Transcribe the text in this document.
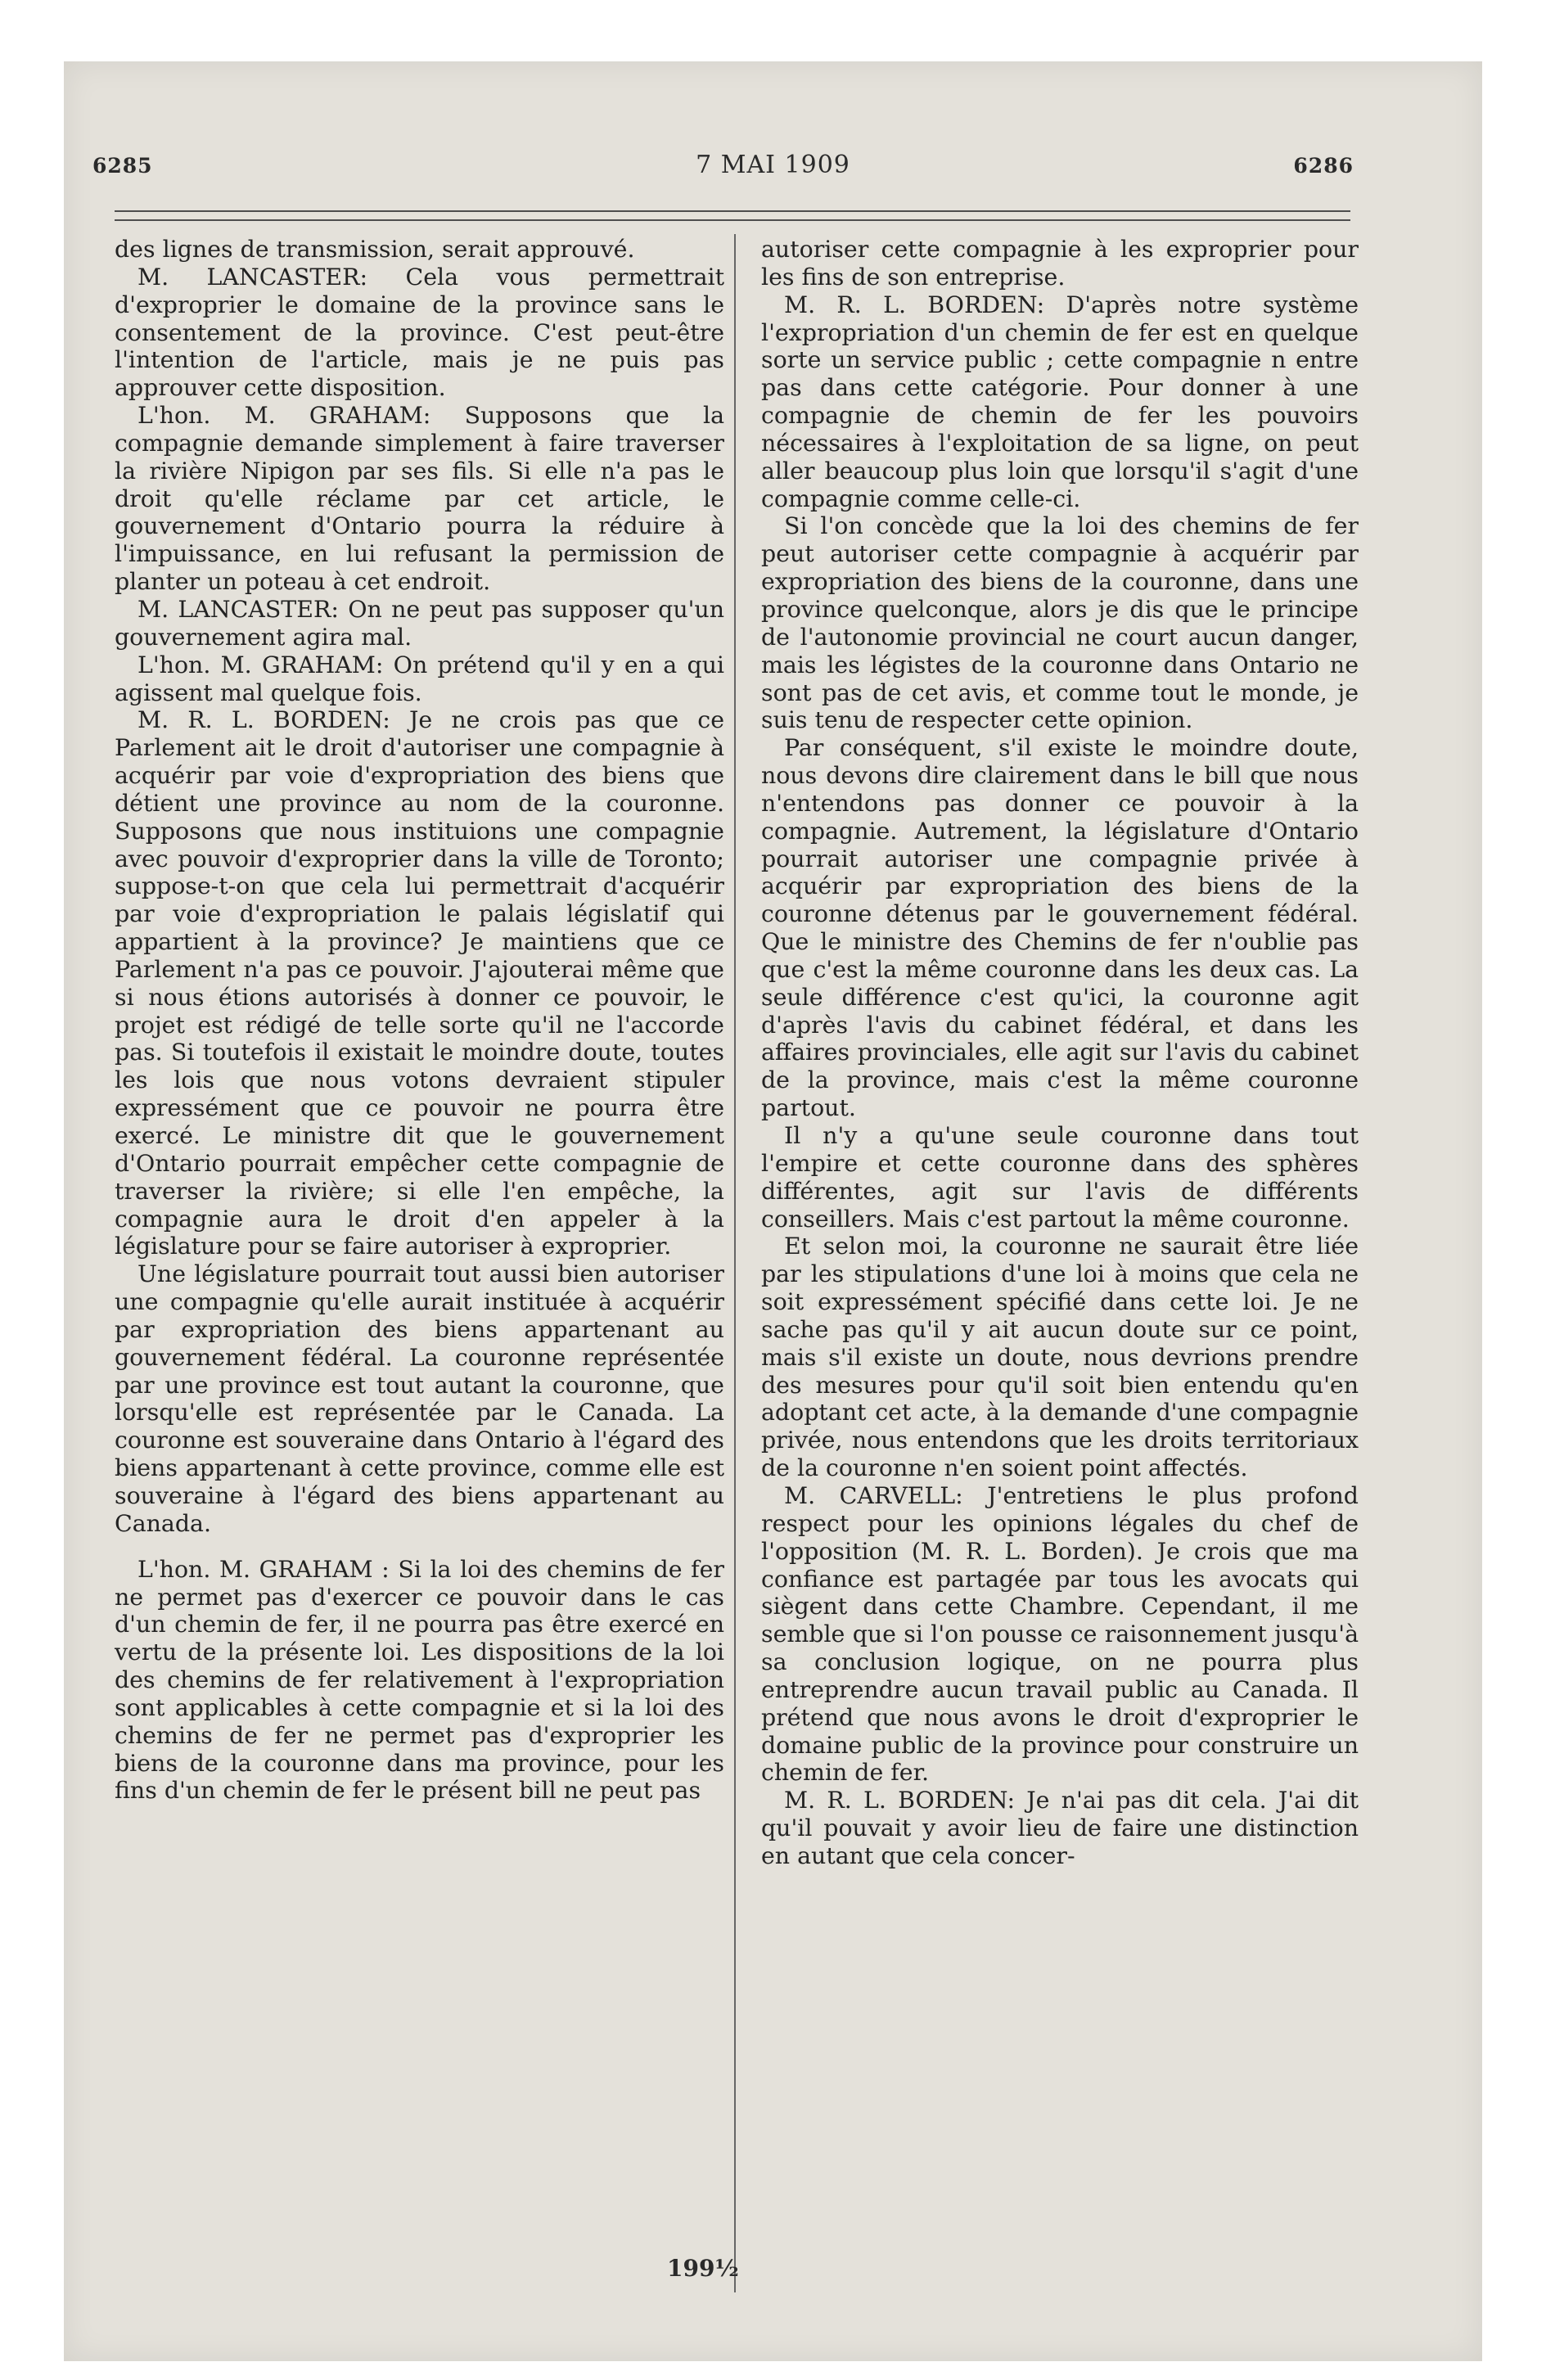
6285	7 MAI 1909	6286

des lignes de transmission, serait approuvé.

M. LANCASTER: Cela vous permettrait d'exproprier le domaine de la province sans le consentement de la province. C'est peut-être l'intention de l'article, mais je ne puis pas approuver cette disposition.

L'hon. M. GRAHAM: Supposons que la compagnie demande simplement à faire traverser la rivière Nipigon par ses fils. Si elle n'a pas le droit qu'elle réclame par cet article, le gouvernement d'Ontario pourra la réduire à l'impuissance, en lui refusant la permission de planter un poteau à cet endroit.

M. LANCASTER: On ne peut pas supposer qu'un gouvernement agira mal.

L'hon. M. GRAHAM: On prétend qu'il y en a qui agissent mal quelque fois.

M. R. L. BORDEN: Je ne crois pas que ce Parlement ait le droit d'autoriser une compagnie à acquérir par voie d'expropriation des biens que détient une province au nom de la couronne. Supposons que nous instituions une compagnie avec pouvoir d'exproprier dans la ville de Toronto; suppose-t-on que cela lui permettrait d'acquérir par voie d'expropriation le palais législatif qui appartient à la province? Je maintiens que ce Parlement n'a pas ce pouvoir. J'ajouterai même que si nous étions autorisés à donner ce pouvoir, le projet est rédigé de telle sorte qu'il ne l'accorde pas. Si toutefois il existait le moindre doute, toutes les lois que nous votons devraient stipuler expressément que ce pouvoir ne pourra être exercé. Le ministre dit que le gouvernement d'Ontario pourrait empêcher cette compagnie de traverser la rivière; si elle l'en empêche, la compagnie aura le droit d'en appeler à la législature pour se faire autoriser à exproprier.

Une législature pourrait tout aussi bien autoriser une compagnie qu'elle aurait instituée à acquérir par expropriation des biens appartenant au gouvernement fédéral. La couronne représentée par une province est tout autant la couronne, que lorsqu'elle est représentée par le Canada. La couronne est souveraine dans Ontario à l'égard des biens appartenant à cette province, comme elle est souveraine à l'égard des biens appartenant au Canada.

L'hon. M. GRAHAM : Si la loi des chemins de fer ne permet pas d'exercer ce pouvoir dans le cas d'un chemin de fer, il ne pourra pas être exercé en vertu de la présente loi. Les dispositions de la loi des chemins de fer relativement à l'expropriation sont applicables à cette compagnie et si la loi des chemins de fer ne permet pas d'exproprier les biens de la couronne dans ma province, pour les fins d'un chemin de fer le présent bill ne peut pas

autoriser cette compagnie à les exproprier pour les fins de son entreprise.

M. R. L. BORDEN: D'après notre système l'expropriation d'un chemin de fer est en quelque sorte un service public ; cette compagnie n entre pas dans cette catégorie. Pour donner à une compagnie de chemin de fer les pouvoirs nécessaires à l'exploitation de sa ligne, on peut aller beaucoup plus loin que lorsqu'il s'agit d'une compagnie comme celle-ci.

Si l'on concède que la loi des chemins de fer peut autoriser cette compagnie à acquérir par expropriation des biens de la couronne, dans une province quelconque, alors je dis que le principe de l'autonomie provincial ne court aucun danger, mais les légistes de la couronne dans Ontario ne sont pas de cet avis, et comme tout le monde, je suis tenu de respecter cette opinion.

Par conséquent, s'il existe le moindre doute, nous devons dire clairement dans le bill que nous n'entendons pas donner ce pouvoir à la compagnie. Autrement, la législature d'Ontario pourrait autoriser une compagnie privée à acquérir par expropriation des biens de la couronne détenus par le gouvernement fédéral. Que le ministre des Chemins de fer n'oublie pas que c'est la même couronne dans les deux cas. La seule différence c'est qu'ici, la couronne agit d'après l'avis du cabinet fédéral, et dans les affaires provinciales, elle agit sur l'avis du cabinet de la province, mais c'est la même couronne partout.

Il n'y a qu'une seule couronne dans tout l'empire et cette couronne dans des sphères différentes, agit sur l'avis de différents conseillers. Mais c'est partout la même couronne.

Et selon moi, la couronne ne saurait être liée par les stipulations d'une loi à moins que cela ne soit expressément spécifié dans cette loi. Je ne sache pas qu'il y ait aucun doute sur ce point, mais s'il existe un doute, nous devrions prendre des mesures pour qu'il soit bien entendu qu'en adoptant cet acte, à la demande d'une compagnie privée, nous entendons que les droits territoriaux de la couronne n'en soient point affectés.

M. CARVELL: J'entretiens le plus profond respect pour les opinions légales du chef de l'opposition (M. R. L. Borden). Je crois que ma confiance est partagée par tous les avocats qui siègent dans cette Chambre. Cependant, il me semble que si l'on pousse ce raisonnement jusqu'à sa conclusion logique, on ne pourra plus entreprendre aucun travail public au Canada. Il prétend que nous avons le droit d'exproprier le domaine public de la province pour construire un chemin de fer.

M. R. L. BORDEN: Je n'ai pas dit cela. J'ai dit qu'il pouvait y avoir lieu de faire une distinction en autant que cela concer-

199½
